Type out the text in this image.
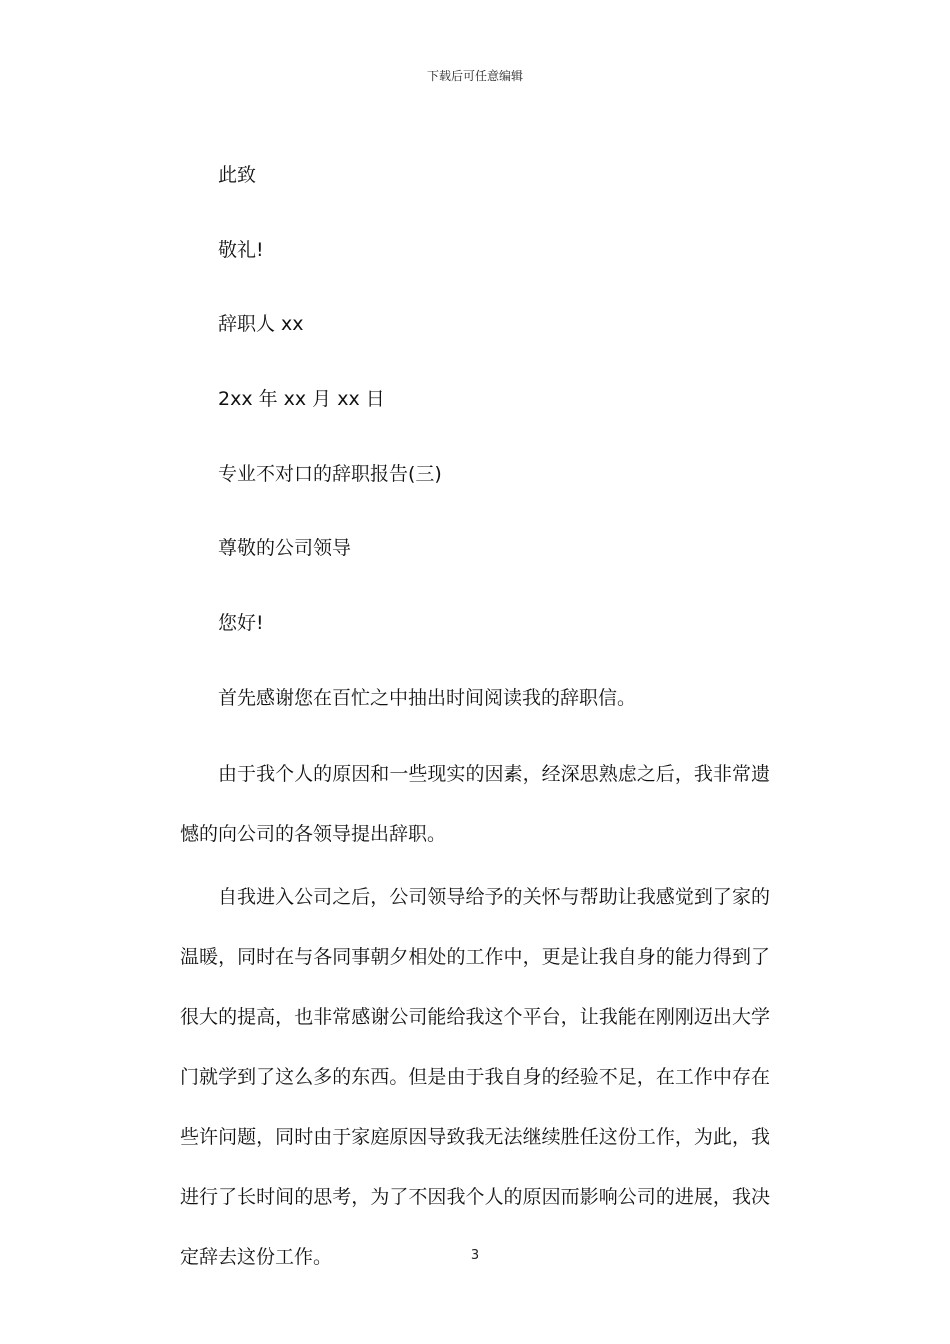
下载后可任意编辑
此致
敬礼!
辞职人 xx
2xx 年 xx 月 xx 日
专业不对口的辞职报告(三)
尊敬的公司领导
您好!
首先感谢您在百忙之中抽出时间阅读我的辞职信。
由于我个人的原因和一些现实的因素，经深思熟虑之后，我非常遗憾的向公司的各领导提出辞职。
自我进入公司之后，公司领导给予的关怀与帮助让我感觉到了家的温暖，同时在与各同事朝夕相处的工作中，更是让我自身的能力得到了很大的提高，也非常感谢公司能给我这个平台，让我能在刚刚迈出大学门就学到了这么多的东西。但是由于我自身的经验不足，在工作中存在些许问题，同时由于家庭原因导致我无法继续胜任这份工作，为此，我进行了长时间的思考，为了不因我个人的原因而影响公司的进展，我决定辞去这份工作。	3
